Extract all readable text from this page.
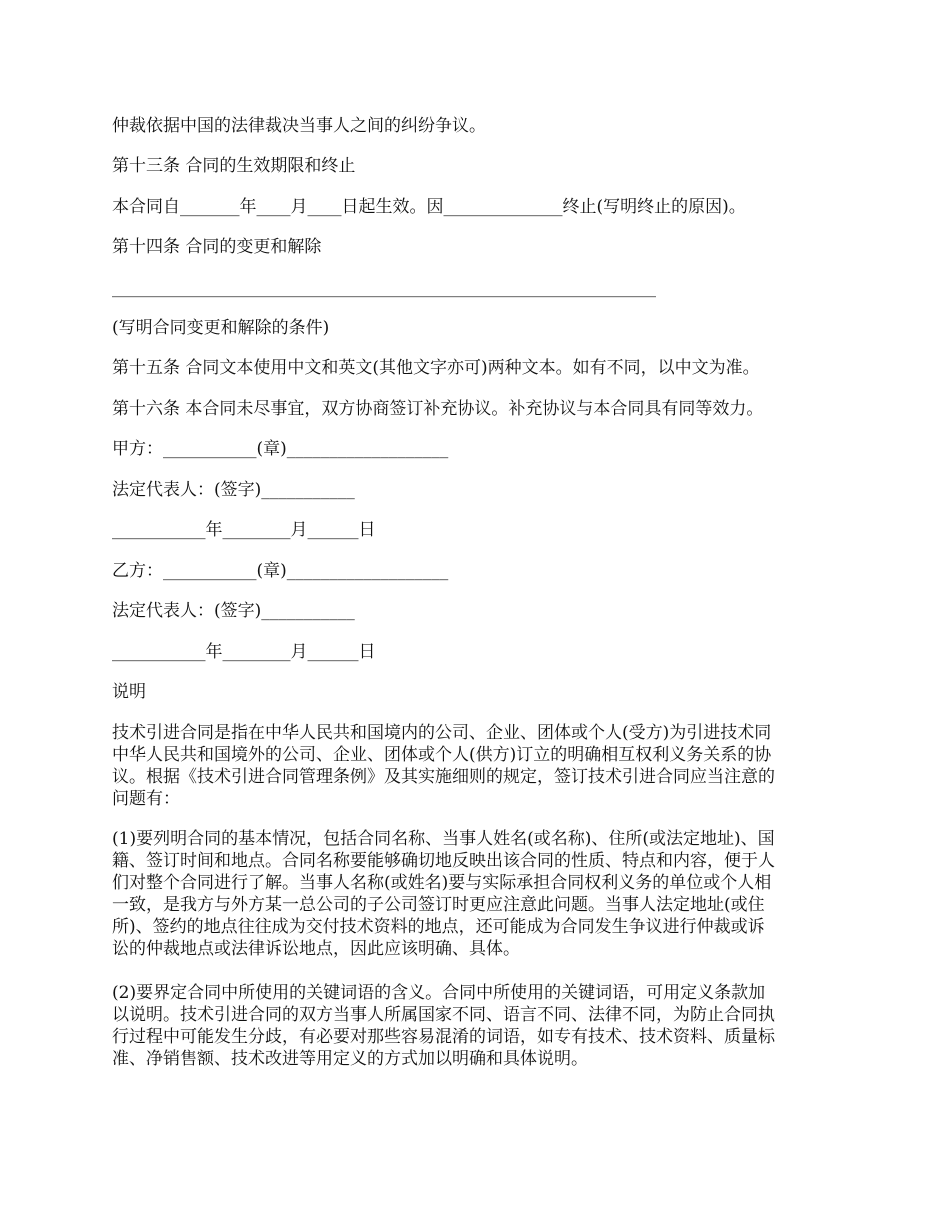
仲裁依据中国的法律裁决当事人之间的纠纷争议。

第十三条 合同的生效期限和终止

本合同自_______年____月____日起生效。因______________终止(写明终止的原因)。

第十四条 合同的变更和解除

________________________________________________________________

(写明合同变更和解除的条件)

第十五条 合同文本使用中文和英文(其他文字亦可)两种文本。如有不同，以中文为准。

第十六条 本合同未尽事宜，双方协商签订补充协议。补充协议与本合同具有同等效力。

甲方：___________(章)___________________

法定代表人：(签字)___________

___________年________月______日

乙方：___________(章)___________________

法定代表人：(签字)___________

___________年________月______日

说明

技术引进合同是指在中华人民共和国境内的公司、企业、团体或个人(受方)为引进技术同
中华人民共和国境外的公司、企业、团体或个人(供方)订立的明确相互权利义务关系的协
议。根据《技术引进合同管理条例》及其实施细则的规定，签订技术引进合同应当注意的
问题有：
(1)要列明合同的基本情况，包括合同名称、当事人姓名(或名称)、住所(或法定地址)、国
籍、签订时间和地点。合同名称要能够确切地反映出该合同的性质、特点和内容，便于人
们对整个合同进行了解。当事人名称(或姓名)要与实际承担合同权利义务的单位或个人相
一致，是我方与外方某一总公司的子公司签订时更应注意此问题。当事人法定地址(或住
所)、签约的地点往往成为交付技术资料的地点，还可能成为合同发生争议进行仲裁或诉
讼的仲裁地点或法律诉讼地点，因此应该明确、具体。
(2)要界定合同中所使用的关键词语的含义。合同中所使用的关键词语，可用定义条款加
以说明。技术引进合同的双方当事人所属国家不同、语言不同、法律不同，为防止合同执
行过程中可能发生分歧，有必要对那些容易混淆的词语，如专有技术、技术资料、质量标
准、净销售额、技术改进等用定义的方式加以明确和具体说明。
